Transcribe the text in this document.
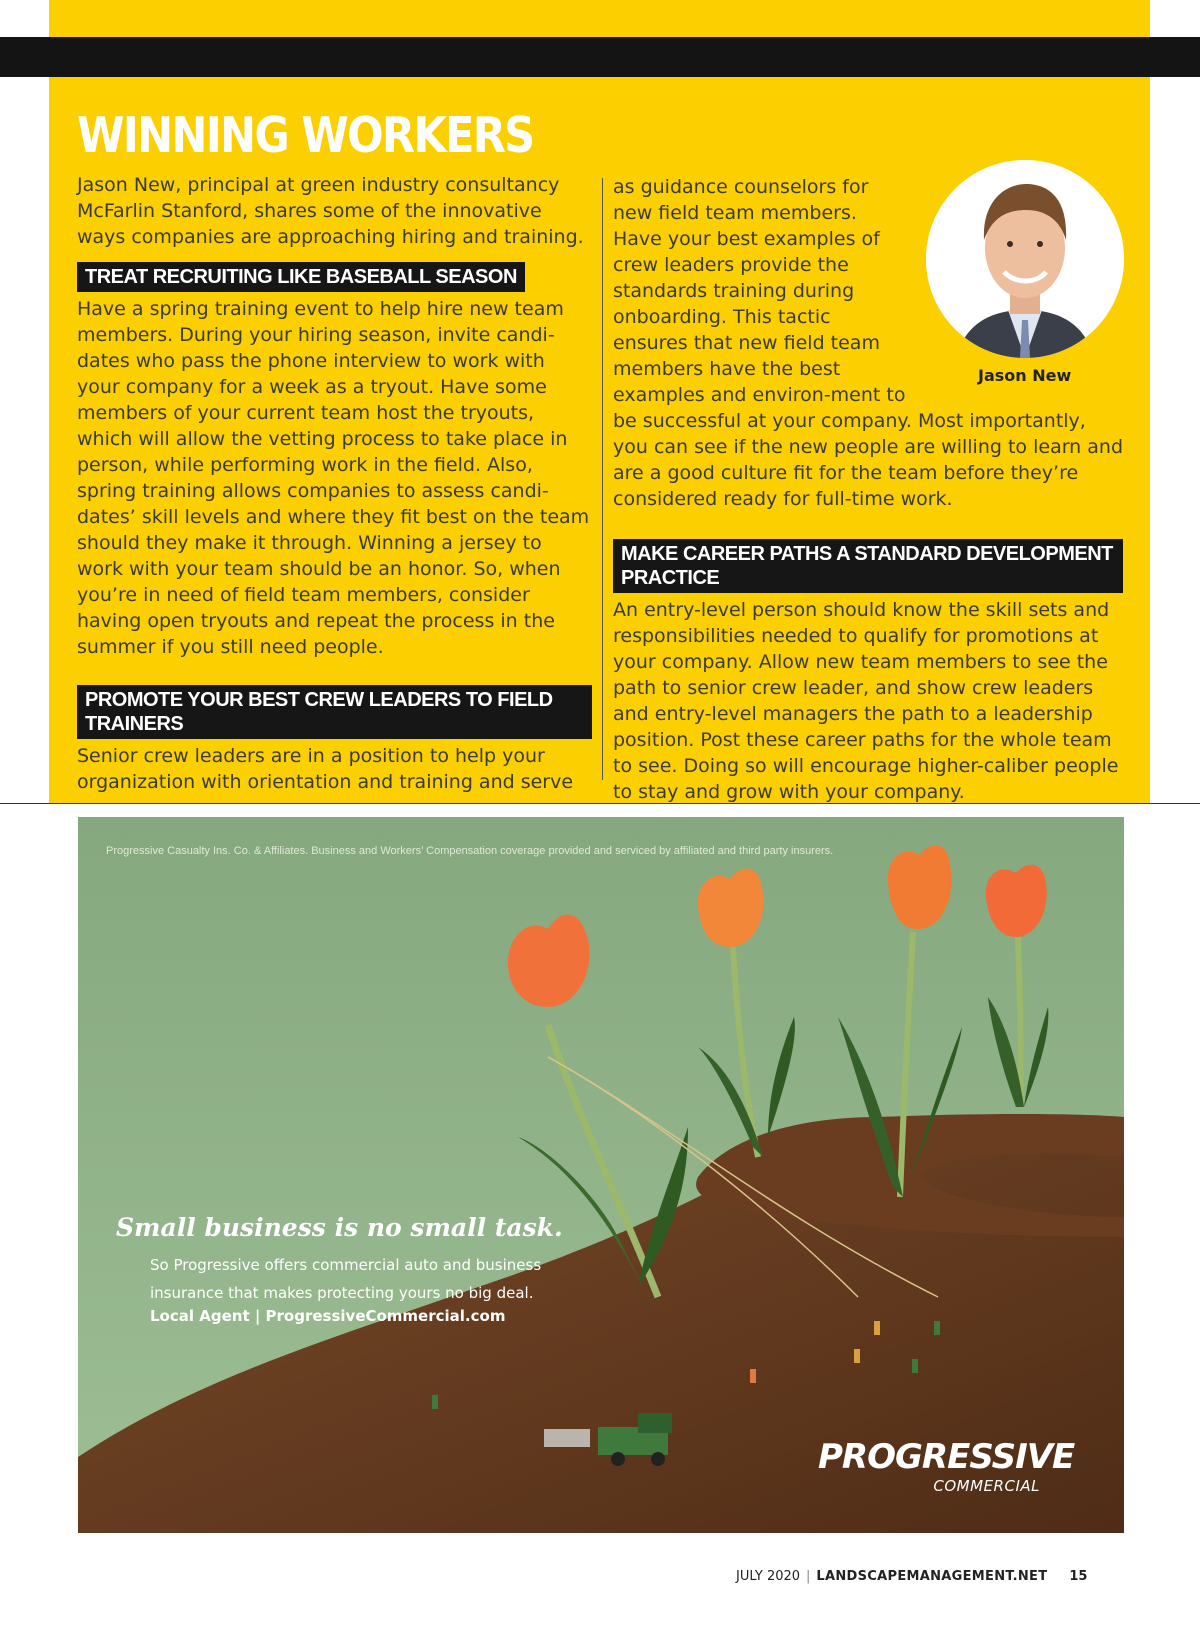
WINNING WORKERS

Jason New, principal at green industry consultancy McFarlin Stanford, shares some of the innovative ways companies are approaching hiring and training.

TREAT RECRUITING LIKE BASEBALL SEASON

Have a spring training event to help hire new team members. During your hiring season, invite candi-dates who pass the phone interview to work with your company for a week as a tryout. Have some members of your current team host the tryouts, which will allow the vetting process to take place in person, while performing work in the field. Also, spring training allows companies to assess candi-dates’ skill levels and where they fit best on the team should they make it through. Winning a jersey to work with your team should be an honor. So, when you’re in need of field team members, consider having open tryouts and repeat the process in the summer if you still need people.

PROMOTE YOUR BEST CREW LEADERS TO FIELD TRAINERS

Senior crew leaders are in a position to help your organization with orientation and training and serve

as guidance counselors for new field team members. Have your best examples of crew leaders provide the standards training during onboarding. This tactic ensures that new field team members have the best examples and environ-ment to be successful at your company. Most importantly, you can see if the new people are willing to learn and are a good culture fit for the team before they’re considered ready for full-time work.

MAKE CAREER PATHS A STANDARD DEVELOPMENT PRACTICE

An entry-level person should know the skill sets and responsibilities needed to qualify for promotions at your company. Allow new team members to see the path to senior crew leader, and show crew leaders and entry-level managers the path to a leadership position. Post these career paths for the whole team to see. Doing so will encourage higher-caliber people to stay and grow with your company.

Jason New
Progressive Casualty Ins. Co. & Affiliates. Business and Workers’ Compensation coverage provided and serviced by affiliated and third party insurers.
Small business is no small task.
So Progressive offers commercial auto and business insurance that makes protecting yours no big deal.
Local Agent | ProgressiveCommercial.com
PROGRESSIVE
COMMERCIAL
JULY 2020 | LANDSCAPEMANAGEMENT.NET 15
